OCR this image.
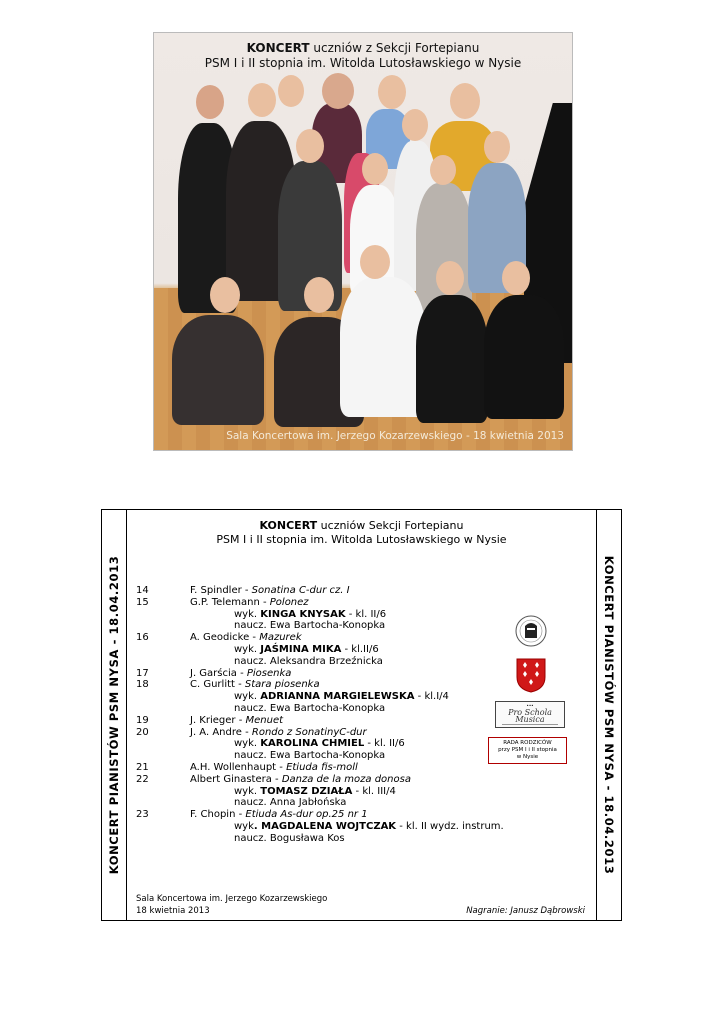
KONCERT uczniów z Sekcji Fortepianu
PSM I i II stopnia im. Witolda Lutosławskiego w Nysie
Sala Koncertowa im. Jerzego Kozarzewskiego - 18 kwietnia 2013
KONCERT PIANISTÓW PSM NYSA - 18.04.2013	KONCERT PIANISTÓW PSM NYSA - 18.04.2013
KONCERT uczniów Sekcji Fortepianu
PSM I i II stopnia im. Witolda Lutosławskiego w Nysie
14	F. Spindler - Sonatina C-dur cz. I
15	G.P. Telemann - Polonez
wyk. KINGA KNYSAK - kl. II/6
naucz. Ewa Bartocha-Konopka
16	A. Geodicke - Mazurek
wyk. JAŚMINA MIKA - kl.II/6
naucz. Aleksandra Brzeźnicka
17	J. Garścia - Piosenka
18	C. Gurlitt - Stara piosenka
wyk. ADRIANNA MARGIELEWSKA - kl.I/4
naucz. Ewa Bartocha-Konopka
19	J. Krieger - Menuet
20	J. A. Andre - Rondo z SonatinyC-dur
wyk. KAROLINA CHMIEL - kl. II/6
naucz. Ewa Bartocha-Konopka
21	A.H. Wollenhaupt - Etiuda fis-moll
22	Albert Ginastera - Danza de la moza donosa
wyk. TOMASZ DZIAŁA - kl. III/4
naucz. Anna Jabłońska
23	F. Chopin - Etiuda As-dur op.25 nr 1
wyk. MAGDALENA WOJTCZAK - kl. II wydz. instrum.
naucz. Bogusława Kos
•••
Pro Schola Musica
RADA RODZICÓW
przy PSM I i II stopnia
w Nysie
Sala Koncertowa im. Jerzego Kozarzewskiego
18 kwietnia 2013	Nagranie: Janusz Dąbrowski
